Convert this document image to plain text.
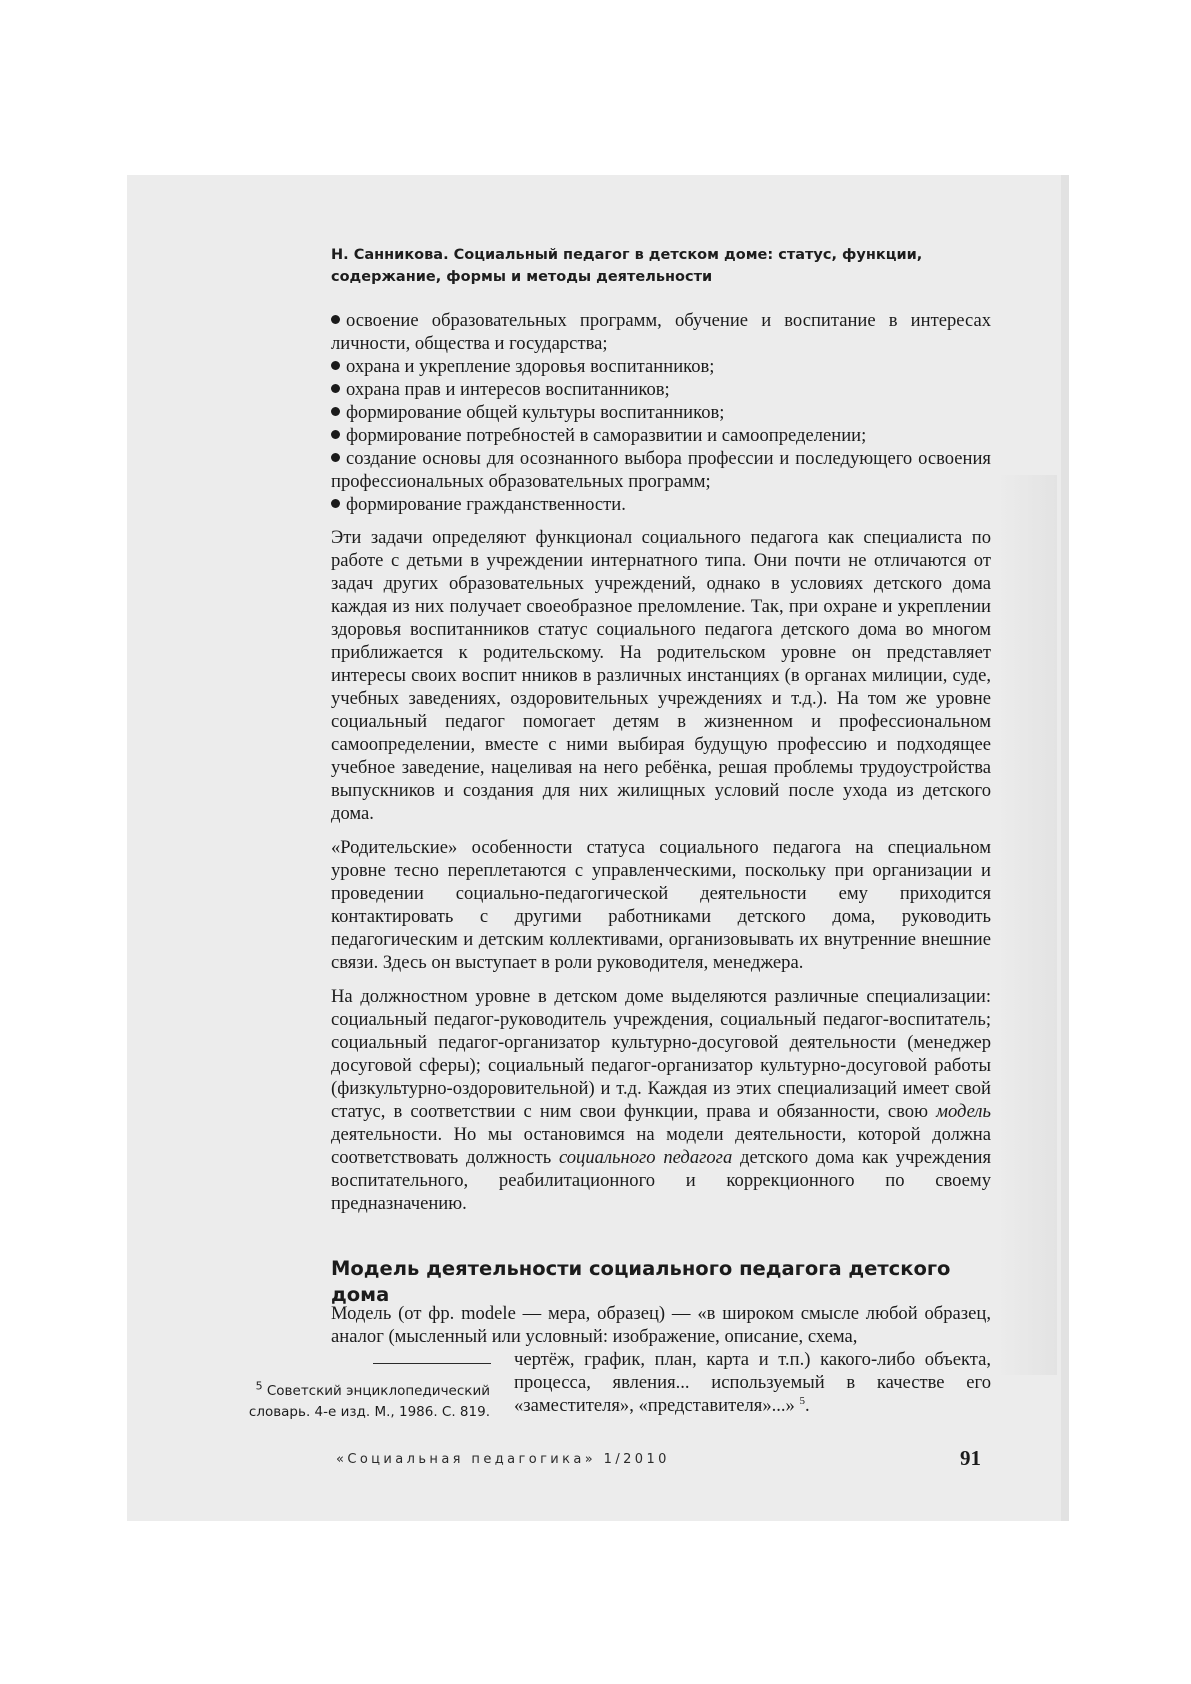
Н. Санникова. Социальный педагог в детском доме: статус, функции,
содержание, формы и методы деятельности

освоение образовательных программ, обучение и воспитание в интересах личности, общества и государства;

охрана и укрепление здоровья воспитанников;

охрана прав и интересов воспитанников;

формирование общей культуры воспитанников;

формирование потребностей в саморазвитии и самоопределении;

создание основы для осознанного выбора профессии и последующего освоения профессиональных образовательных программ;

формирование гражданственности.

Эти задачи определяют функционал социального педагога как специалиста по работе с детьми в учреждении интернатного типа. Они почти не отличаются от задач других образовательных учреждений, однако в условиях детского дома каждая из них получает своеобразное преломление. Так, при охране и укреплении здоровья воспитанников статус социального педагога детского дома во многом приближается к родительскому. На родительском уровне он представляет интересы своих воспит нников в различных инстанциях (в органах милиции, суде, учебных заведениях, оздоровительных учреждениях и т.д.). На том же уровне социальный педагог помогает детям в жизненном и профессиональном самоопределении, вместе с ними выбирая будущую профессию и подходящее учебное заведение, нацеливая на него ребёнка, решая проблемы трудоустройства выпускников и создания для них жилищных условий после ухода из детского дома.

«Родительские» особенности статуса социального педагога на специальном уровне тесно переплетаются с управленческими, поскольку при организации и проведении социально-педагогической деятельности ему приходится контактировать с другими работниками детского дома, руководить педагогическим и детским коллективами, организовывать их внутренние внешние связи. Здесь он выступает в роли руководителя, менеджера.

На должностном уровне в детском доме выделяются различные специализации: социальный педагог-руководитель учреждения, социальный педагог-воспитатель; социальный педагог-организатор культурно-досуговой деятельности (менеджер досуговой сферы); социальный педагог-организатор культурно-досуговой работы (физкультурно-оздоровительной) и т.д. Каждая из этих специализаций имеет свой статус, в соответствии с ним свои функции, права и обязанности, свою модель деятельности. Но мы остановимся на модели деятельности, которой должна соответствовать должность социального педагога детского дома как учреждения воспитательного, реабилитационного и коррекционного по своему предназначению.

Модель деятельности социального педагога детского дома
Модель (от фр. modele — мера, образец) — «в широком смысле любой образец, аналог (мысленный или условный: изображение, описание, схема,
чертёж, график, план, карта и т.п.) какого-либо объекта, процесса, явления... используемый в качестве его «заместителя», «представителя»...» $^5$.
$^5$ Советский энциклопедический словарь. 4-е изд. М., 1986. С. 819.
«Социальная педагогика» 1/2010	91
